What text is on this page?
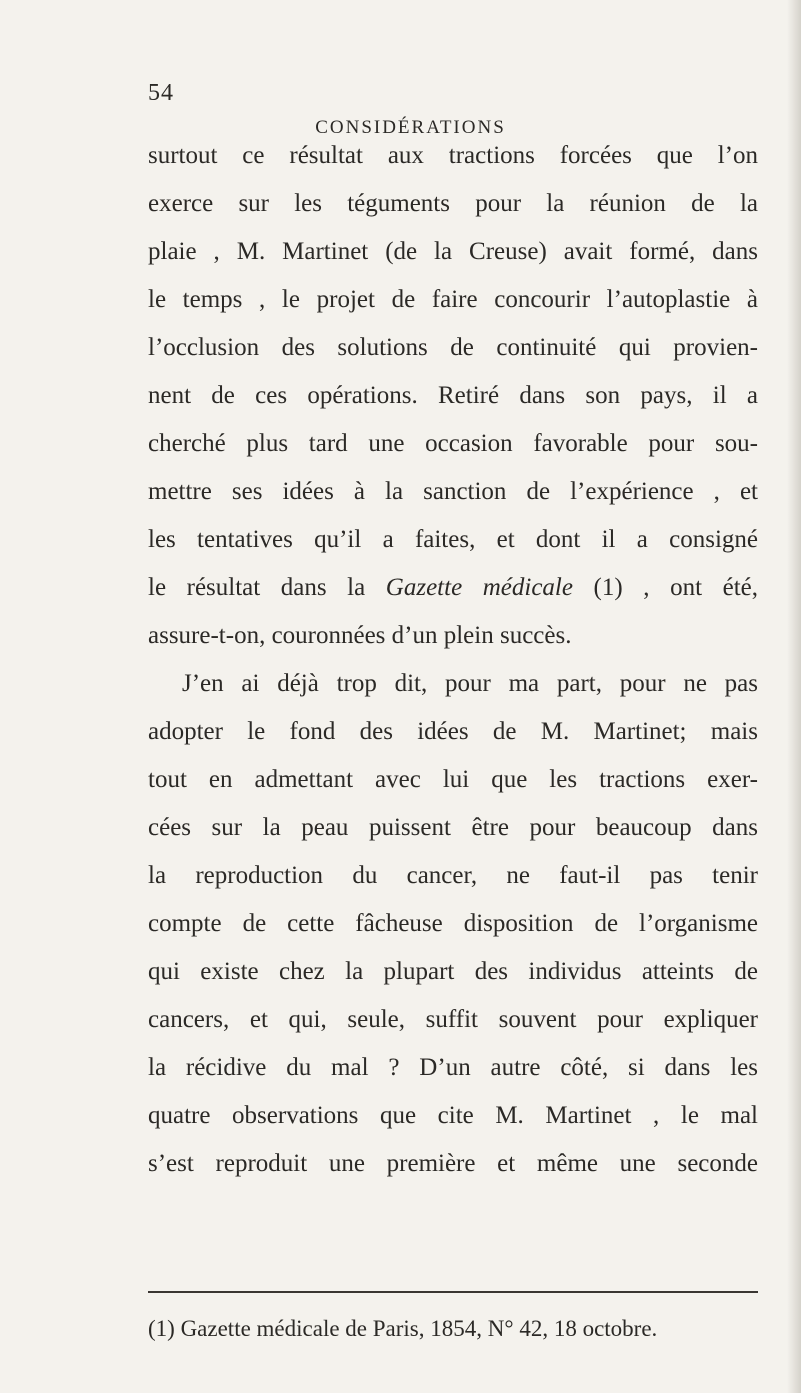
54
CONSIDÉRATIONS
surtout ce résultat aux tractions forcées que l’on
exerce sur les téguments pour la réunion de la
plaie , M. Martinet (de la Creuse) avait formé, dans
le temps , le projet de faire concourir l’autoplastie à
l’occlusion des solutions de continuité qui provien-
nent de ces opérations. Retiré dans son pays, il a
cherché plus tard une occasion favorable pour sou-
mettre ses idées à la sanction de l’expérience , et
les tentatives qu’il a faites, et dont il a consigné
le résultat dans la Gazette médicale (1) , ont été,
assure-t-on, couronnées d’un plein succès.
J’en ai déjà trop dit, pour ma part, pour ne pas
adopter le fond des idées de M. Martinet; mais
tout en admettant avec lui que les tractions exer-
cées sur la peau puissent être pour beaucoup dans
la reproduction du cancer, ne faut-il pas tenir
compte de cette fâcheuse disposition de l’organisme
qui existe chez la plupart des individus atteints de
cancers, et qui, seule, suffit souvent pour expliquer
la récidive du mal ? D’un autre côté, si dans les
quatre observations que cite M. Martinet , le mal
s’est reproduit une première et même une seconde
(1) Gazette médicale de Paris, 1854, N° 42, 18 octobre.
